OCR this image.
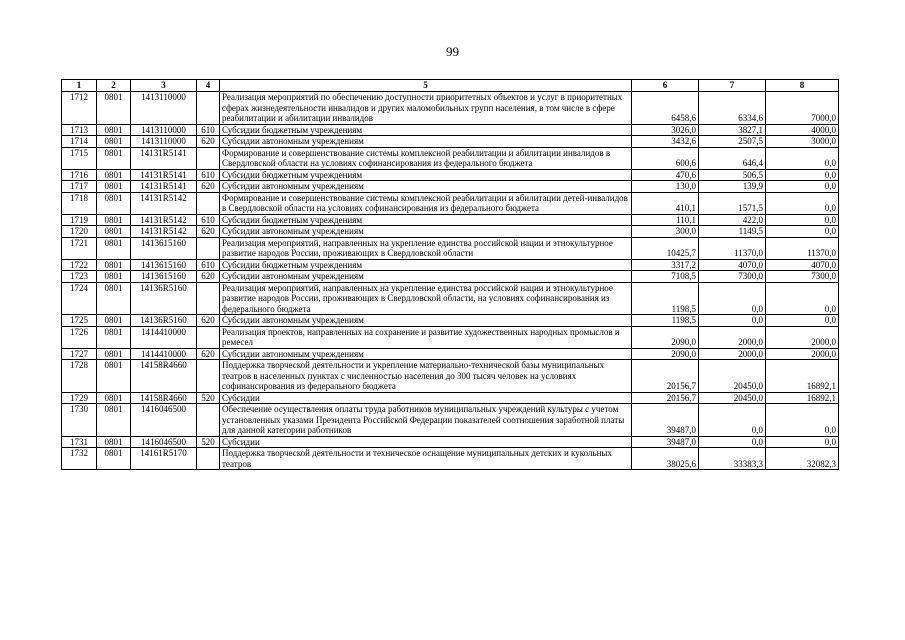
99
1	2	3	4	5	6	7	8
1712	0801	1413110000		Реализация мероприятий по обеспечению доступности приоритетных объектов и услуг в приоритетных сферах жизнедеятельности инвалидов и других маломобильных групп населения, в том числе в сфере реабилитации и абилитации инвалидов	6458,6	6334,6	7000,0
1713	0801	1413110000	610	Субсидии бюджетным учреждениям	3026,0	3827,1	4000,0
1714	0801	1413110000	620	Субсидии автономным учреждениям	3432,6	2507,5	3000,0
1715	0801	14131R5141		Формирование и совершенствование системы комплексной реабилитации и абилитации инвалидов в Свердловской области на условиях софинансирования из федерального бюджета	600,6	646,4	0,0
1716	0801	14131R5141	610	Субсидии бюджетным учреждениям	470,6	506,5	0,0
1717	0801	14131R5141	620	Субсидии автономным учреждениям	130,0	139,9	0,0
1718	0801	14131R5142		Формирование и совершенствование системы комплексной реабилитации и абилитации детей-инвалидов в Свердловской области на условиях софинансирования из федерального бюджета	410,1	1571,5	0,0
1719	0801	14131R5142	610	Субсидии бюджетным учреждениям	110,1	422,0	0,0
1720	0801	14131R5142	620	Субсидии автономным учреждениям	300,0	1149,5	0,0
1721	0801	1413615160		Реализация мероприятий, направленных на укрепление единства российской нации и этнокультурное развитие народов России, проживающих в Свердловской области	10425,7	11370,0	11370,0
1722	0801	1413615160	610	Субсидии бюджетным учреждениям	3317,2	4070,0	4070,0
1723	0801	1413615160	620	Субсидии автономным учреждениям	7108,5	7300,0	7300,0
1724	0801	14136R5160		Реализация мероприятий, направленных на укрепление единства российской нации и этнокультурное развитие народов России, проживающих в Свердловской области, на условиях софинансирования из федерального бюджета	1198,5	0,0	0,0
1725	0801	14136R5160	620	Субсидии автономным учреждениям	1198,5	0,0	0,0
1726	0801	1414410000		Реализация проектов, направленных на сохранение и развитие художественных народных промыслов и ремесел	2090,0	2000,0	2000,0
1727	0801	1414410000	620	Субсидии автономным учреждениям	2090,0	2000,0	2000,0
1728	0801	14158R4660		Поддержка творческой деятельности и укрепление материально-технической базы муниципальных театров в населенных пунктах с численностью населения до 300 тысяч человек на условиях софинансирования из федерального бюджета	20156,7	20450,0	16892,1
1729	0801	14158R4660	520	Субсидии	20156,7	20450,0	16892,1
1730	0801	1416046500		Обеспечение осуществления оплаты труда работников муниципальных учреждений культуры с учетом установленных указами Президента Российской Федерации показателей соотношения заработной платы для данной категории работников	39487,0	0,0	0,0
1731	0801	1416046500	520	Субсидии	39487,0	0,0	0,0
1732	0801	14161R5170		Поддержка творческой деятельности и техническое оснащение муниципальных детских и кукольных театров	38025,6	33383,3	32082,3
